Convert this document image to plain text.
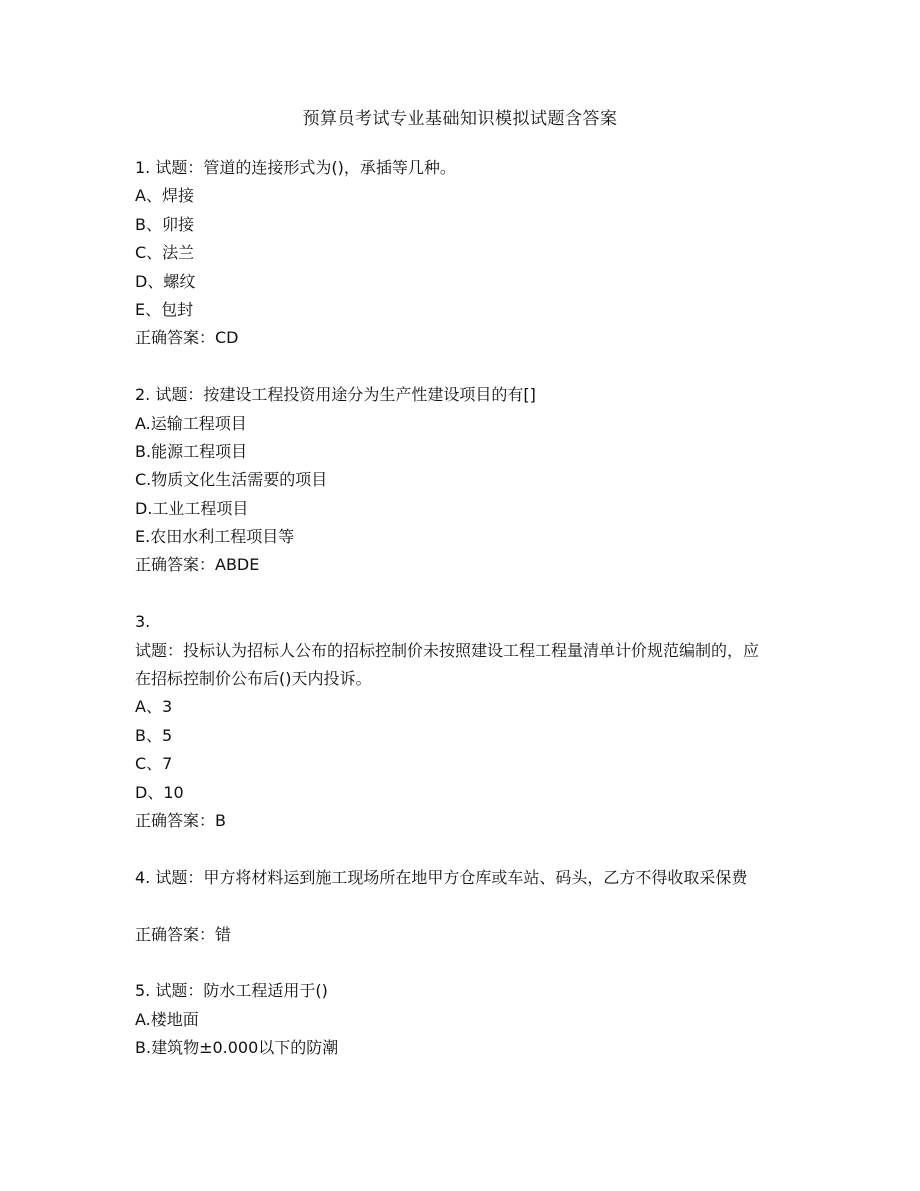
预算员考试专业基础知识模拟试题含答案
1. 试题：管道的连接形式为()，承插等几种。
A、焊接
B、卯接
C、法兰
D、螺纹
E、包封
正确答案：CD
2. 试题：按建设工程投资用途分为生产性建设项目的有[]
A.运输工程项目
B.能源工程项目
C.物质文化生活需要的项目
D.工业工程项目
E.农田水利工程项目等
正确答案：ABDE
3.
试题：投标认为招标人公布的招标控制价未按照建设工程工程量清单计价规范编制的，应
在招标控制价公布后()天内投诉。
A、3
B、5
C、7
D、10
正确答案：B
4. 试题：甲方将材料运到施工现场所在地甲方仓库或车站、码头，乙方不得收取采保费
正确答案：错
5. 试题：防水工程适用于()
A.楼地面
B.建筑物±0.000以下的防潮
